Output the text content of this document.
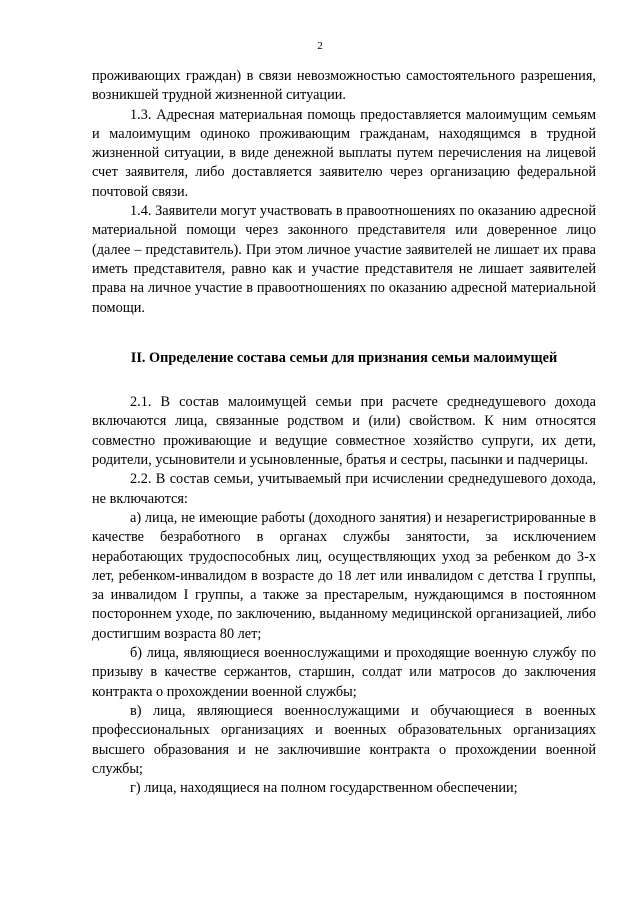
2

проживающих граждан) в связи невозможностью самостоятельного разрешения, возникшей трудной жизненной ситуации.

1.3. Адресная материальная помощь предоставляется малоимущим семьям и малоимущим одиноко проживающим гражданам, находящимся в трудной жизненной ситуации, в виде денежной выплаты путем перечисления на лицевой счет заявителя, либо доставляется заявителю через организацию федеральной почтовой связи.

1.4. Заявители могут участвовать в правоотношениях по оказанию адресной материальной помощи через законного представителя или доверенное лицо (далее – представитель). При этом личное участие заявителей не лишает их права иметь представителя, равно как и участие представителя не лишает заявителей права на личное участие в правоотношениях по оказанию адресной материальной помощи.

II. Определение состава семьи для признания семьи малоимущей

2.1. В состав малоимущей семьи при расчете среднедушевого дохода включаются лица, связанные родством и (или) свойством. К ним относятся совместно проживающие и ведущие совместное хозяйство супруги, их дети, родители, усыновители и усыновленные, братья и сестры, пасынки и падчерицы.

2.2. В состав семьи, учитываемый при исчислении среднедушевого дохода, не включаются:

а) лица, не имеющие работы (доходного занятия) и незарегистрированные в качестве безработного в органах службы занятости, за исключением неработающих трудоспособных лиц, осуществляющих уход за ребенком до 3-х лет, ребенком-инвалидом в возрасте до 18 лет или инвалидом с детства I группы, за инвалидом I группы, а также за престарелым, нуждающимся в постоянном постороннем уходе, по заключению, выданному медицинской организацией, либо достигшим возраста 80 лет;

б) лица, являющиеся военнослужащими и проходящие военную службу по призыву в качестве сержантов, старшин, солдат или матросов до заключения контракта о прохождении военной службы;

в) лица, являющиеся военнослужащими и обучающиеся в военных профессиональных организациях и военных образовательных организациях высшего образования и не заключившие контракта о прохождении военной службы;

г) лица, находящиеся на полном государственном обеспечении;
